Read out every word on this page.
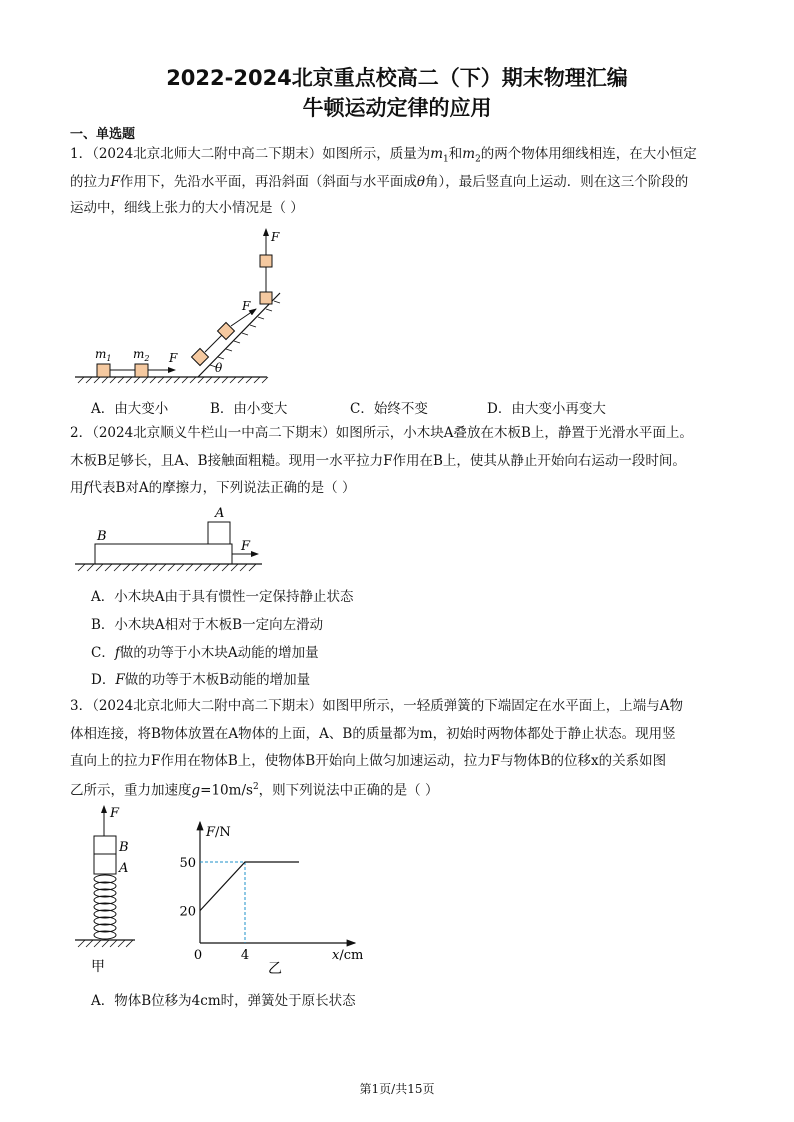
2022-2024北京重点校高二（下）期末物理汇编
牛顿运动定律的应用
一、单选题
1．（2024北京北师大二附中高二下期末）如图所示，质量为$m_1$和$m_2$的两个物体用细线相连，在大小恒定
的拉力F作用下，先沿水平面，再沿斜面（斜面与水平面成θ角），最后竖直向上运动．则在这三个阶段的
运动中，细线上张力的大小情况是（ ）
$m_1$ $m_2$ F
F
θ
F
A．由大变小	B．由小变大	C．始终不变	D．由大变小再变大
2．（2024北京顺义牛栏山一中高二下期末）如图所示，小木块A叠放在木板B上，静置于光滑水平面上。
木板B足够长，且A、B接触面粗糙。现用一水平拉力F作用在B上，使其从静止开始向右运动一段时间。
用f代表B对A的摩擦力，下列说法正确的是（ ）
A
B
F
A．小木块A由于具有惯性一定保持静止状态
B．小木块A相对于木板B一定向左滑动
C．f做的功等于小木块A动能的增加量
D．F做的功等于木板B动能的增加量
3．（2024北京北师大二附中高二下期末）如图甲所示，一轻质弹簧的下端固定在水平面上，上端与A物
体相连接，将B物体放置在A物体的上面，A、B的质量都为m，初始时两物体都处于静止状态。现用竖
直向上的拉力F作用在物体B上，使物体B开始向上做匀加速运动，拉力F与物体B的位移x的关系如图
乙所示，重力加速度$g=10m/s^2$，则下列说法中正确的是（ ）
F
B
A
甲
F/N
x/cm
50
20
0	4
乙
A．物体B位移为4cm时，弹簧处于原长状态
第1页/共15页
